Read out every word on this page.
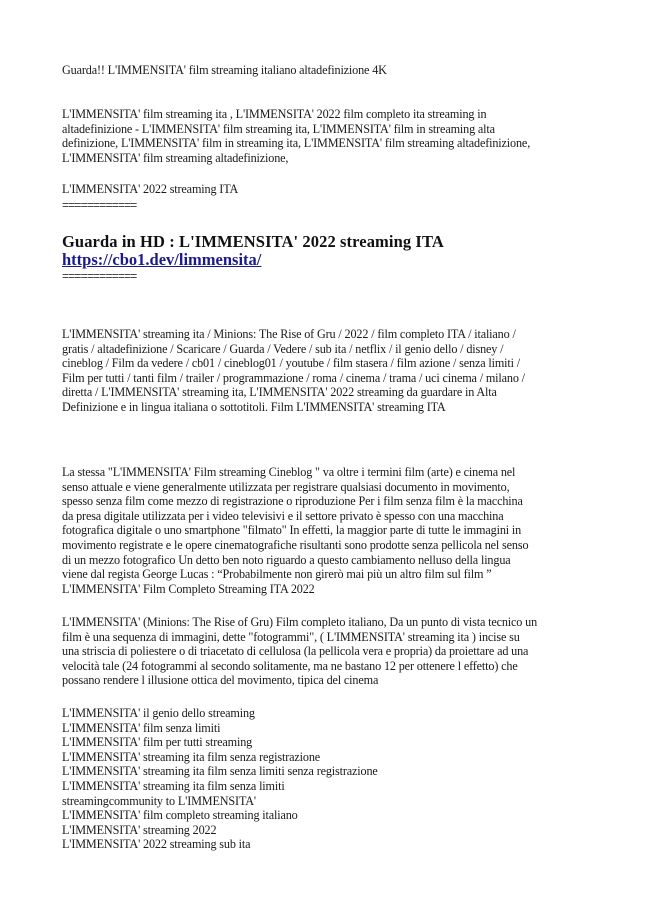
Guarda!! L'IMMENSITA' film streaming italiano altadefinizione 4K
L'IMMENSITA' film streaming ita , L'IMMENSITA' 2022 film completo ita streaming in
altadefinizione - L'IMMENSITA' film streaming ita, L'IMMENSITA' film in streaming alta
definizione, L'IMMENSITA' film in streaming ita, L'IMMENSITA' film streaming altadefinizione,
L'IMMENSITA' film streaming altadefinizione,
L'IMMENSITA' 2022 streaming ITA
============
Guarda in HD : L'IMMENSITA' 2022 streaming ITA
https://cbo1.dev/limmensita/
============
L'IMMENSITA' streaming ita / Minions: The Rise of Gru / 2022 / film completo ITA / italiano /
gratis / altadefinizione / Scaricare / Guarda / Vedere / sub ita / netflix / il genio dello / disney /
cineblog / Film da vedere / cb01 / cineblog01 / youtube / film stasera / film azione / senza limiti /
Film per tutti / tanti film / trailer / programmazione / roma / cinema / trama / uci cinema / milano /
diretta / L'IMMENSITA' streaming ita, L'IMMENSITA' 2022 streaming da guardare in Alta
Definizione e in lingua italiana o sottotitoli. Film L'IMMENSITA' streaming ITA
La stessa "L'IMMENSITA' Film streaming Cineblog " va oltre i termini film (arte) e cinema nel
senso attuale e viene generalmente utilizzata per registrare qualsiasi documento in movimento,
spesso senza film come mezzo di registrazione o riproduzione Per i film senza film è la macchina
da presa digitale utilizzata per i video televisivi e il settore privato è spesso con una macchina
fotografica digitale o uno smartphone "filmato" In effetti, la maggior parte di tutte le immagini in
movimento registrate e le opere cinematografiche risultanti sono prodotte senza pellicola nel senso
di un mezzo fotografico Un detto ben noto riguardo a questo cambiamento nelluso della lingua
viene dal regista George Lucas : “Probabilmente non girerò mai più un altro film sul film ”
L'IMMENSITA' Film Completo Streaming ITA 2022
L'IMMENSITA' (Minions: The Rise of Gru) Film completo italiano, Da un punto di vista tecnico un
film è una sequenza di immagini, dette "fotogrammi", ( L'IMMENSITA' streaming ita ) incise su
una striscia di poliestere o di triacetato di cellulosa (la pellicola vera e propria) da proiettare ad una
velocità tale (24 fotogrammi al secondo solitamente, ma ne bastano 12 per ottenere l effetto) che
possano rendere l illusione ottica del movimento, tipica del cinema
L'IMMENSITA' il genio dello streaming
L'IMMENSITA' film senza limiti
L'IMMENSITA' film per tutti streaming
L'IMMENSITA' streaming ita film senza registrazione
L'IMMENSITA' streaming ita film senza limiti senza registrazione
L'IMMENSITA' streaming ita film senza limiti
streamingcommunity to L'IMMENSITA'
L'IMMENSITA' film completo streaming italiano
L'IMMENSITA' streaming 2022
L'IMMENSITA' 2022 streaming sub ita
